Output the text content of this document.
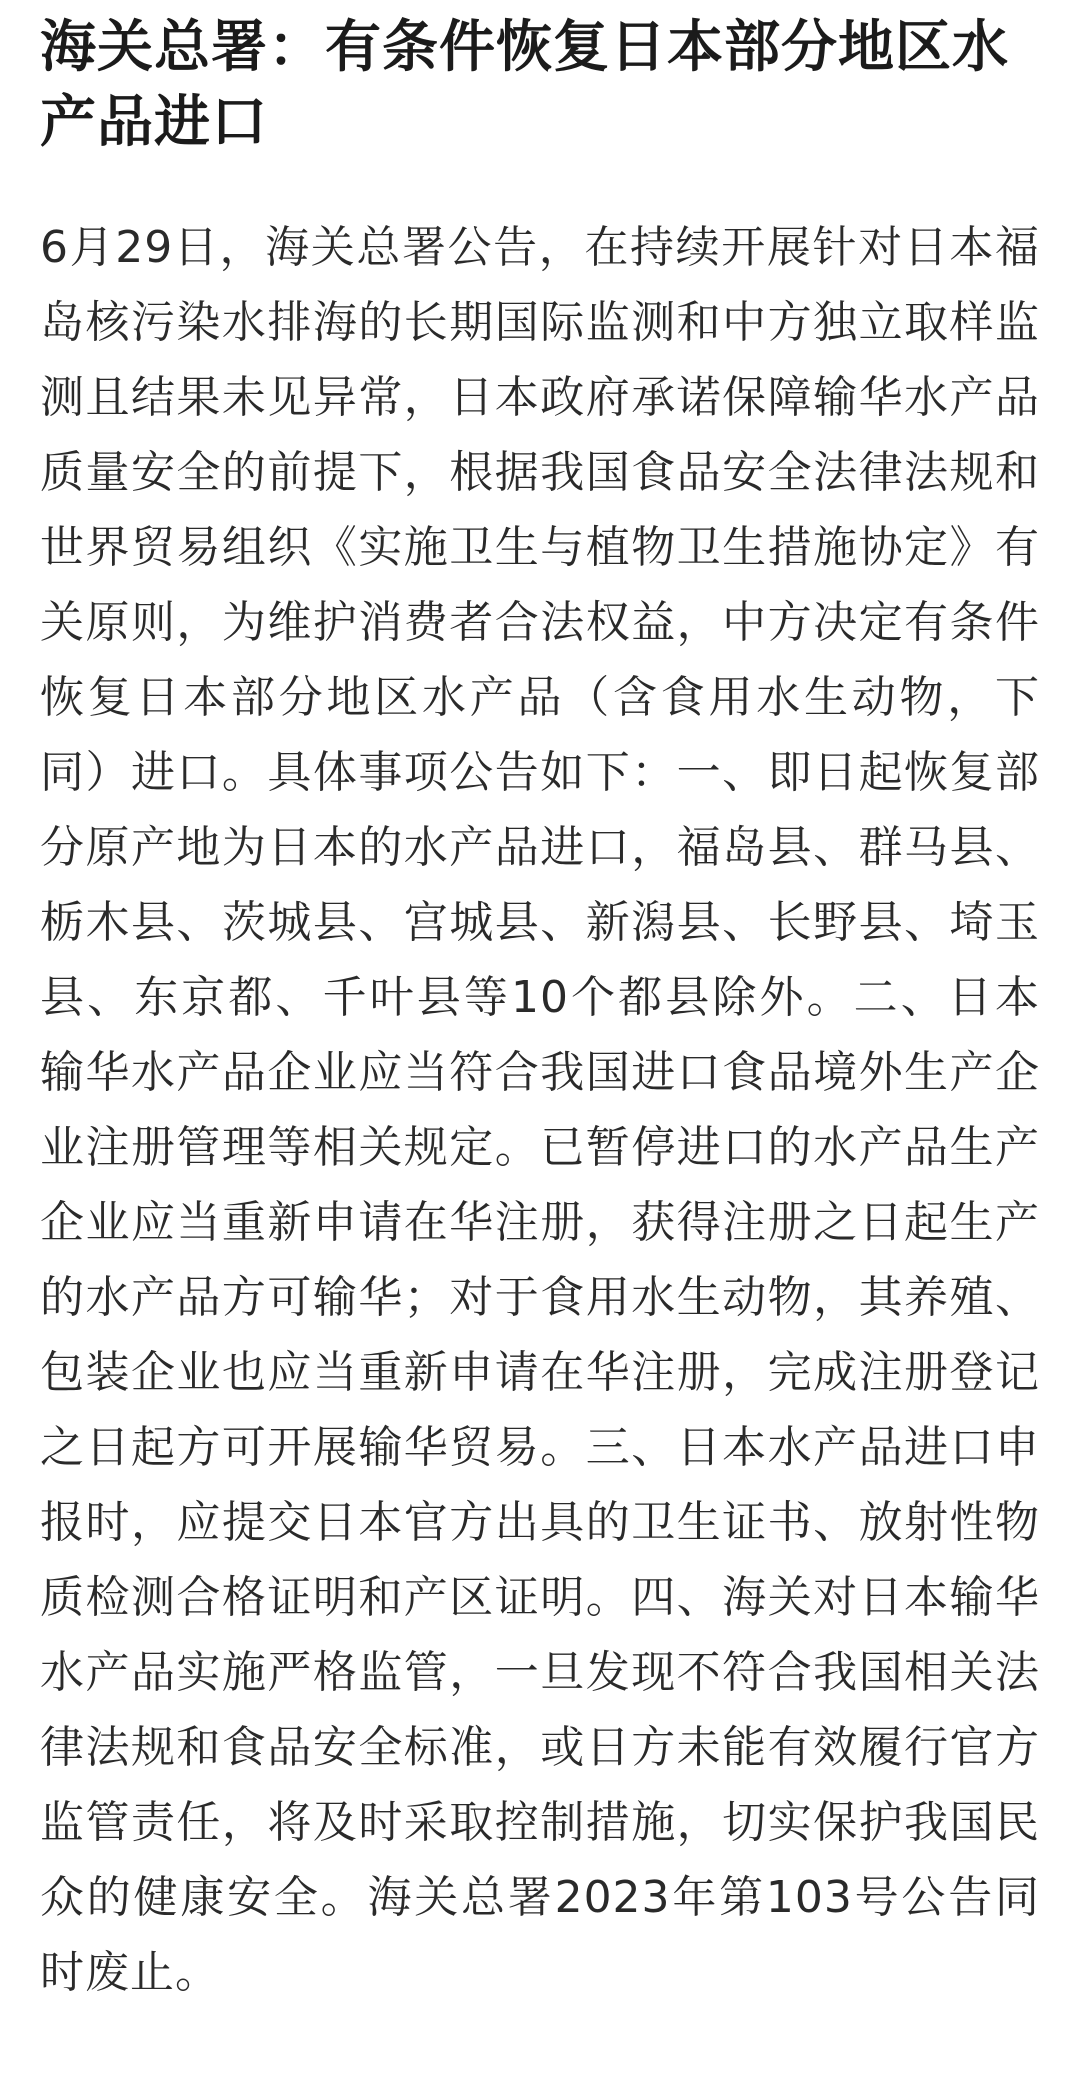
海关总署：有条件恢复日本部分地区水产品进口

6月29日，海关总署公告，在持续开展针对日本福岛核污染水排海的长期国际监测和中方独立取样监测且结果未见异常，日本政府承诺保障输华水产品质量安全的前提下，根据我国食品安全法律法规和世界贸易组织《实施卫生与植物卫生措施协定》有关原则，为维护消费者合法权益，中方决定有条件恢复日本部分地区水产品（含食用水生动物，下同）进口。具体事项公告如下：一、即日起恢复部分原产地为日本的水产品进口，福岛县、群马县、栃木县、茨城县、宫城县、新潟县、长野县、埼玉县、东京都、千叶县等10个都县除外。二、日本输华水产品企业应当符合我国进口食品境外生产企业注册管理等相关规定。已暂停进口的水产品生产企业应当重新申请在华注册，获得注册之日起生产的水产品方可输华；对于食用水生动物，其养殖、包装企业也应当重新申请在华注册，完成注册登记之日起方可开展输华贸易。三、日本水产品进口申报时，应提交日本官方出具的卫生证书、放射性物质检测合格证明和产区证明。四、海关对日本输华水产品实施严格监管，一旦发现不符合我国相关法律法规和食品安全标准，或日方未能有效履行官方监管责任，将及时采取控制措施，切实保护我国民众的健康安全。海关总署2023年第103号公告同时废止。
